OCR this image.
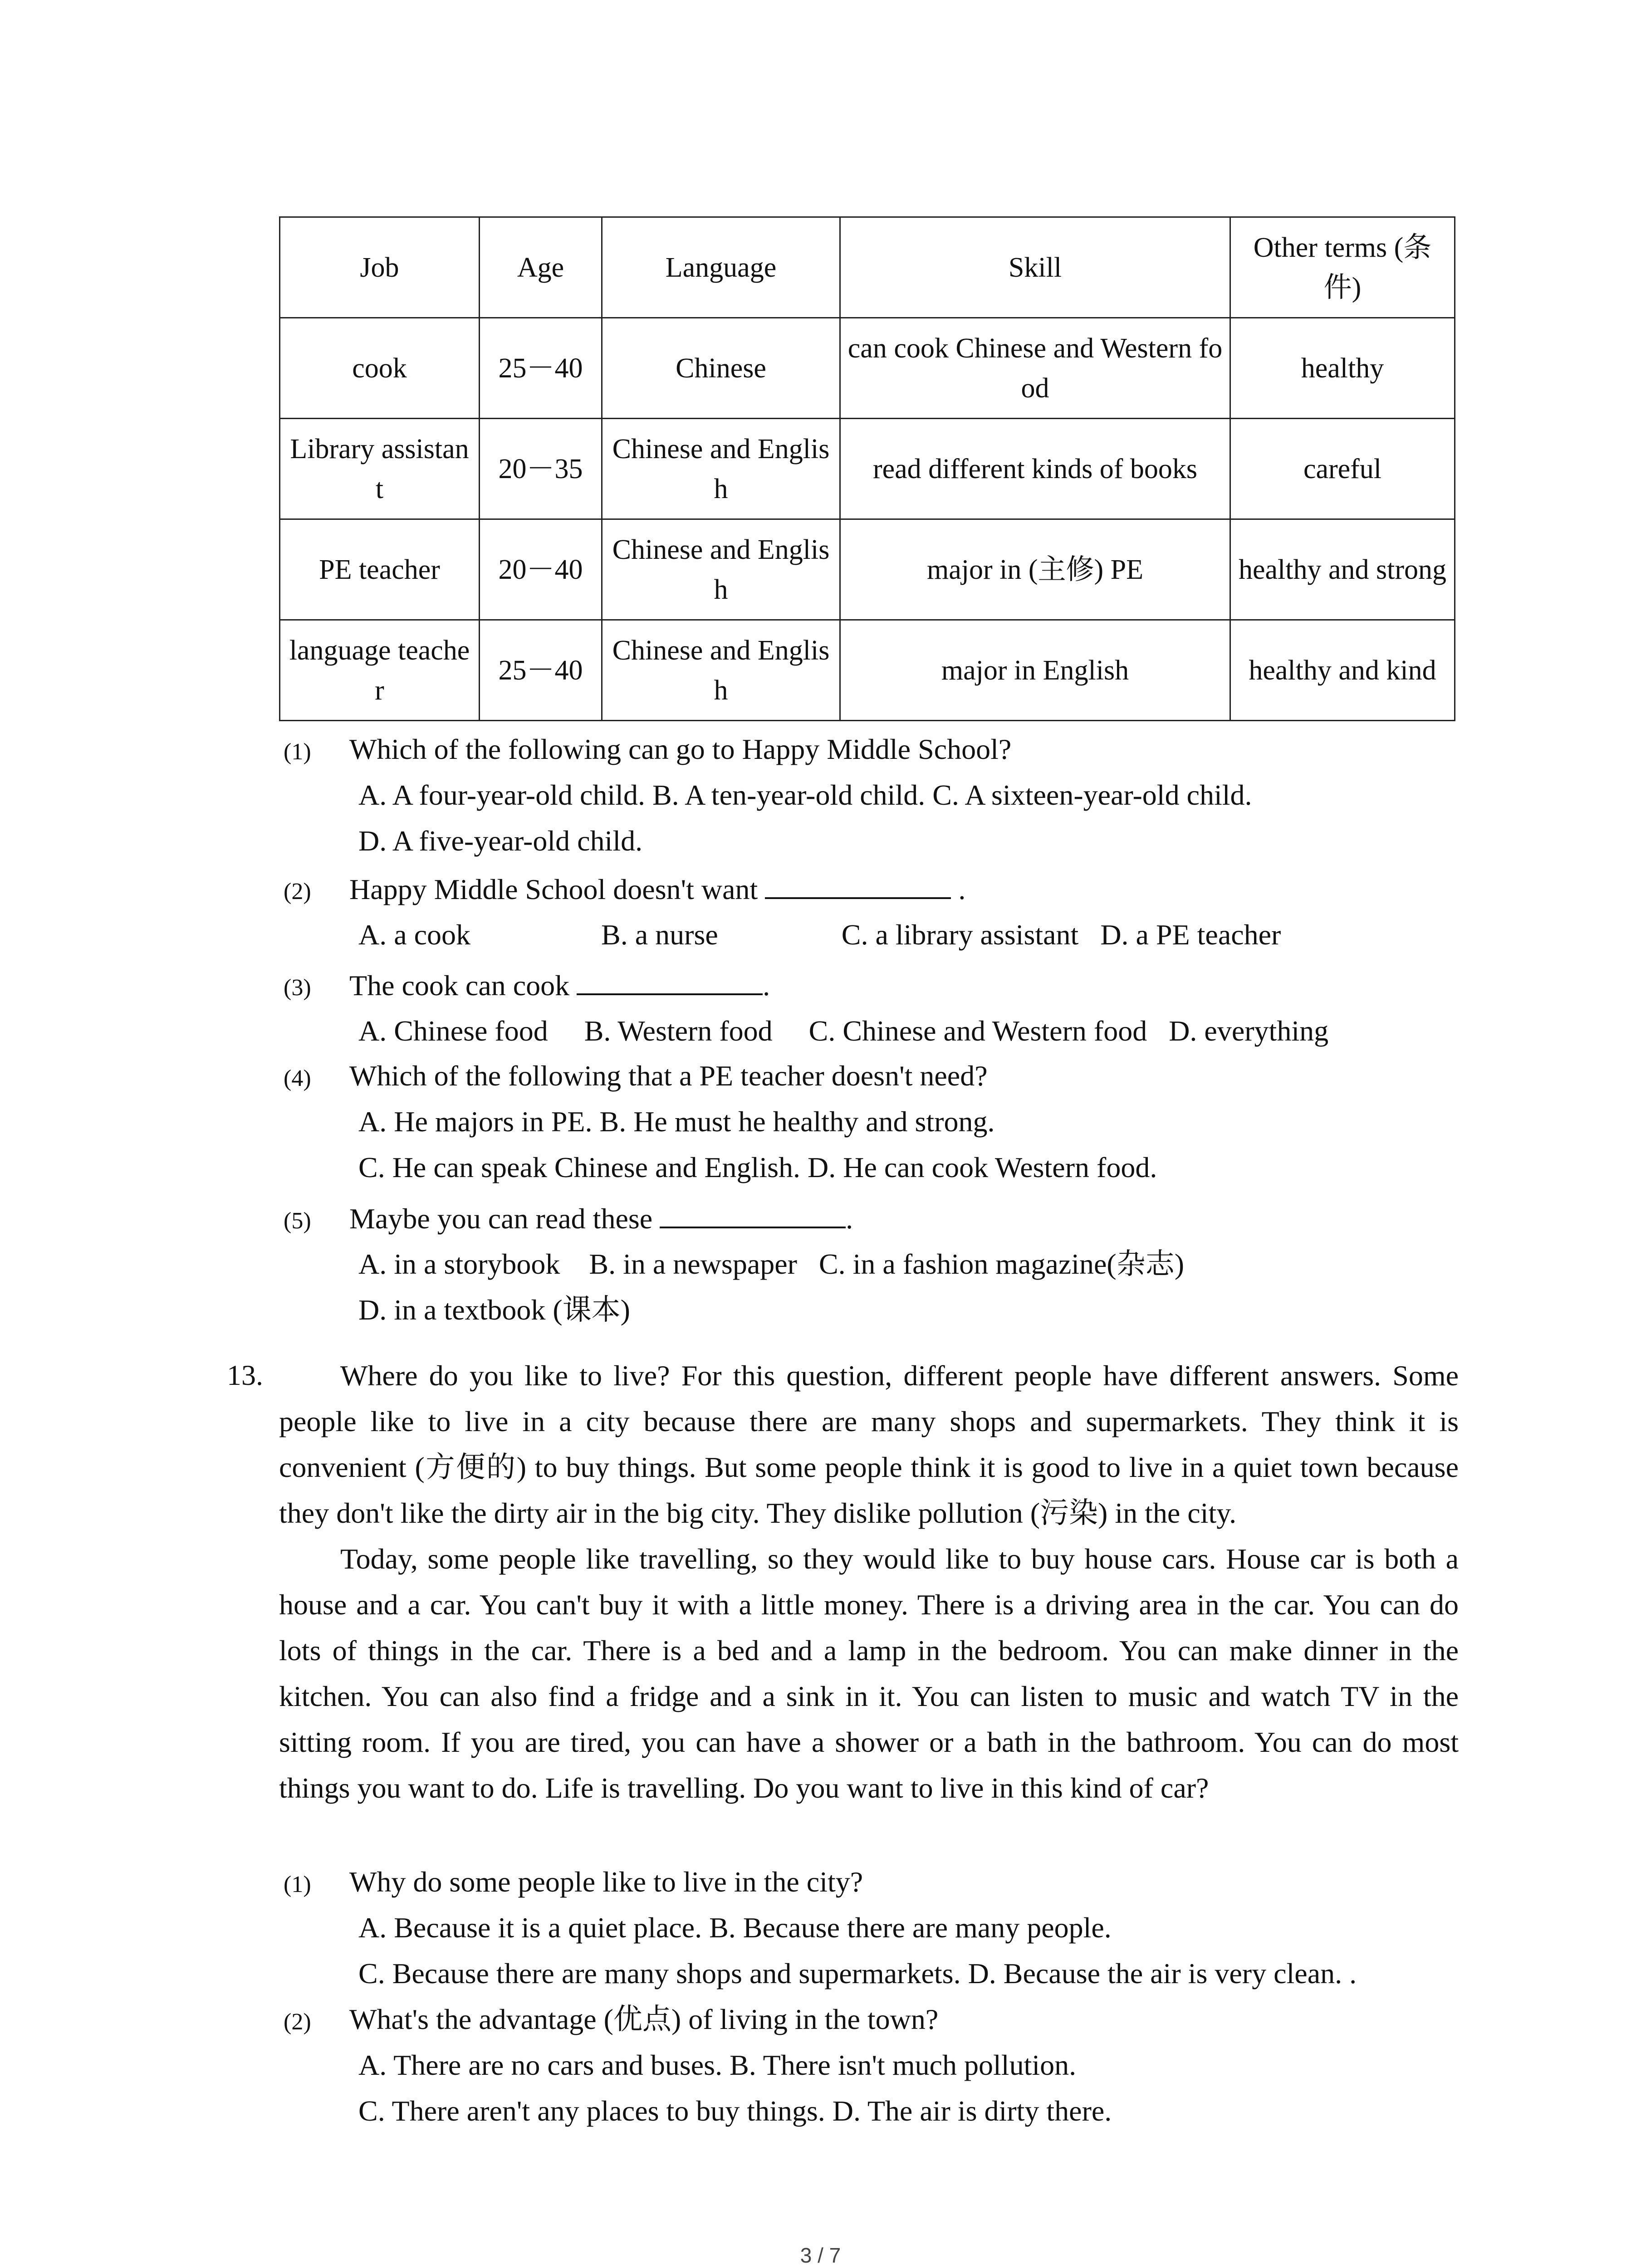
Job	Age	Language	Skill	Other terms (条件)
cook	25－40	Chinese	can cook Chinese and Western food	healthy
Library assistant	20－35	Chinese and English	read different kinds of books	careful
PE teacher	20－40	Chinese and English	major in (主修) PE	healthy and strong
language teacher	25－40	Chinese and English	major in English	healthy and kind
(1) Which of the following can go to Happy Middle School?
A. A four-year-old child. B. A ten-year-old child. C. A sixteen-year-old child.
D. A five-year-old child.
(2) Happy Middle School doesn't want	.
A. a cook                  B. a nurse                 C. a library assistant   D. a PE teacher
(3) The cook can cook	.
A. Chinese food     B. Western food     C. Chinese and Western food   D. everything
(4) Which of the following that a PE teacher doesn't need?
A. He majors in PE. B. He must he healthy and strong.
C. He can speak Chinese and English. D. He can cook Western food.
(5) Maybe you can read these	.
A. in a storybook    B. in a newspaper   C. in a fashion magazine(杂志)
D. in a textbook (课本)
13.	Where do you like to live? For this question, different people have different answers. Some people like to live in a city because there are many shops and supermarkets. They think it is convenient (方便的) to buy things. But some people think it is good to live in a quiet town because they don't like the dirty air in the big city. They dislike pollution (污染) in the city.

Today, some people like travelling, so they would like to buy house cars. House car is both a house and a car. You can't buy it with a little money. There is a driving area in the car. You can do lots of things in the car. There is a bed and a lamp in the bedroom. You can make dinner in the kitchen. You can also find a fridge and a sink in it. You can listen to music and watch TV in the sitting room. If you are tired, you can have a shower or a bath in the bathroom. You can do most things you want to do. Life is travelling. Do you want to live in this kind of car?

(1) Why do some people like to live in the city?
A. Because it is a quiet place. B. Because there are many people.
C. Because there are many shops and supermarkets. D. Because the air is very clean. .
(2) What's the advantage (优点) of living in the town?
A. There are no cars and buses. B. There isn't much pollution.
C. There aren't any places to buy things. D. The air is dirty there.
3 / 7
